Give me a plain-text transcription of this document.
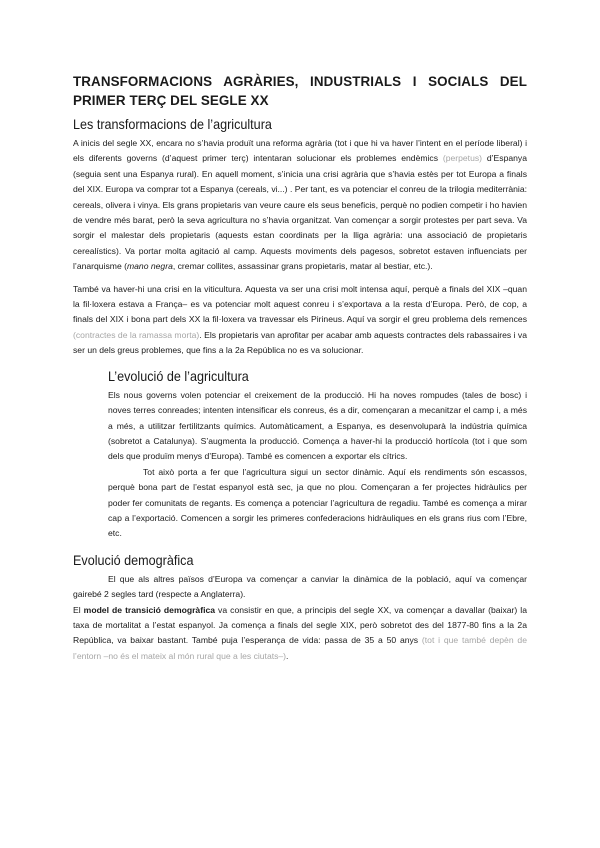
TRANSFORMACIONS AGRÀRIES, INDUSTRIALS I SOCIALS DEL PRIMER TERÇ DEL SEGLE XX
Les transformacions de l’agricultura

A inicis del segle XX, encara no s’havia produït una reforma agrària (tot i que hi va haver l’intent en el període liberal) i els diferents governs (d’aquest primer terç) intentaran solucionar els problemes endèmics (perpetus) d’Espanya (seguia sent una Espanya rural). En aquell moment, s’inicia una crisi agrària que s’havia estès per tot Europa a finals del XIX. Europa va comprar tot a Espanya (cereals, vi...) . Per tant, es va potenciar el conreu de la trilogia mediterrània: cereals, olivera i vinya. Els grans propietaris van veure caure els seus beneficis, perquè no podien competir i ho havien de vendre més barat, però la seva agricultura no s’havia organitzat. Van començar a sorgir protestes per part seva. Va sorgir el malestar dels propietaris (aquests estan coordinats per la lliga agrària: una associació de propietaris cerealístics). Va portar molta agitació al camp. Aquests moviments dels pagesos, sobretot estaven influenciats per l’anarquisme (mano negra, cremar collites, assassinar grans propietaris, matar al bestiar, etc.).

També va haver-hi una crisi en la viticultura. Aquesta va ser una crisi molt intensa aquí, perquè a finals del XIX –quan la fil·loxera estava a França– es va potenciar molt aquest conreu i s’exportava a la resta d’Europa. Però, de cop, a finals del XIX i bona part dels XX la fil·loxera va travessar els Pirineus. Aquí va sorgir el greu problema dels remences (contractes de la ramassa morta). Els propietaris van aprofitar per acabar amb aquests contractes dels rabassaires i va ser un dels greus problemes, que fins a la 2a República no es va solucionar.

L’evolució de l’agricultura

Els nous governs volen potenciar el creixement de la producció. Hi ha noves rompudes (tales de bosc) i noves terres conreades; intenten intensificar els conreus, és a dir, començaran a mecanitzar el camp i, a més a més, a utilitzar fertilitzants químics. Automàticament, a Espanya, es desenvoluparà la indústria química (sobretot a Catalunya). S’augmenta la producció. Comença a haver-hi la producció hortícola (tot i que som dels que produïm menys d’Europa). També es comencen a exportar els cítrics.

Tot això porta a fer que l’agricultura sigui un sector dinàmic. Aquí els rendiments són escassos, perquè bona part de l’estat espanyol està sec, ja que no plou. Començaran a fer projectes hidràulics per poder fer comunitats de regants. Es comença a potenciar l’agricultura de regadiu. També es comença a mirar cap a l’exportació. Comencen a sorgir les primeres confederacions hidràuliques en els grans rius com l’Ebre, etc.

Evolució demogràfica

El que als altres països d’Europa va començar a canviar la dinàmica de la població, aquí va començar gairebé 2 segles tard (respecte a Anglaterra).

El model de transició demogràfica va consistir en que, a principis del segle XX, va començar a davallar (baixar) la taxa de mortalitat a l’estat espanyol. Ja comença a finals del segle XIX, però sobretot des del 1877-80 fins a la 2a República, va baixar bastant. També puja l’esperança de vida: passa de 35 a 50 anys (tot i que també depèn de l’entorn –no és el mateix al món rural que a les ciutats–).
